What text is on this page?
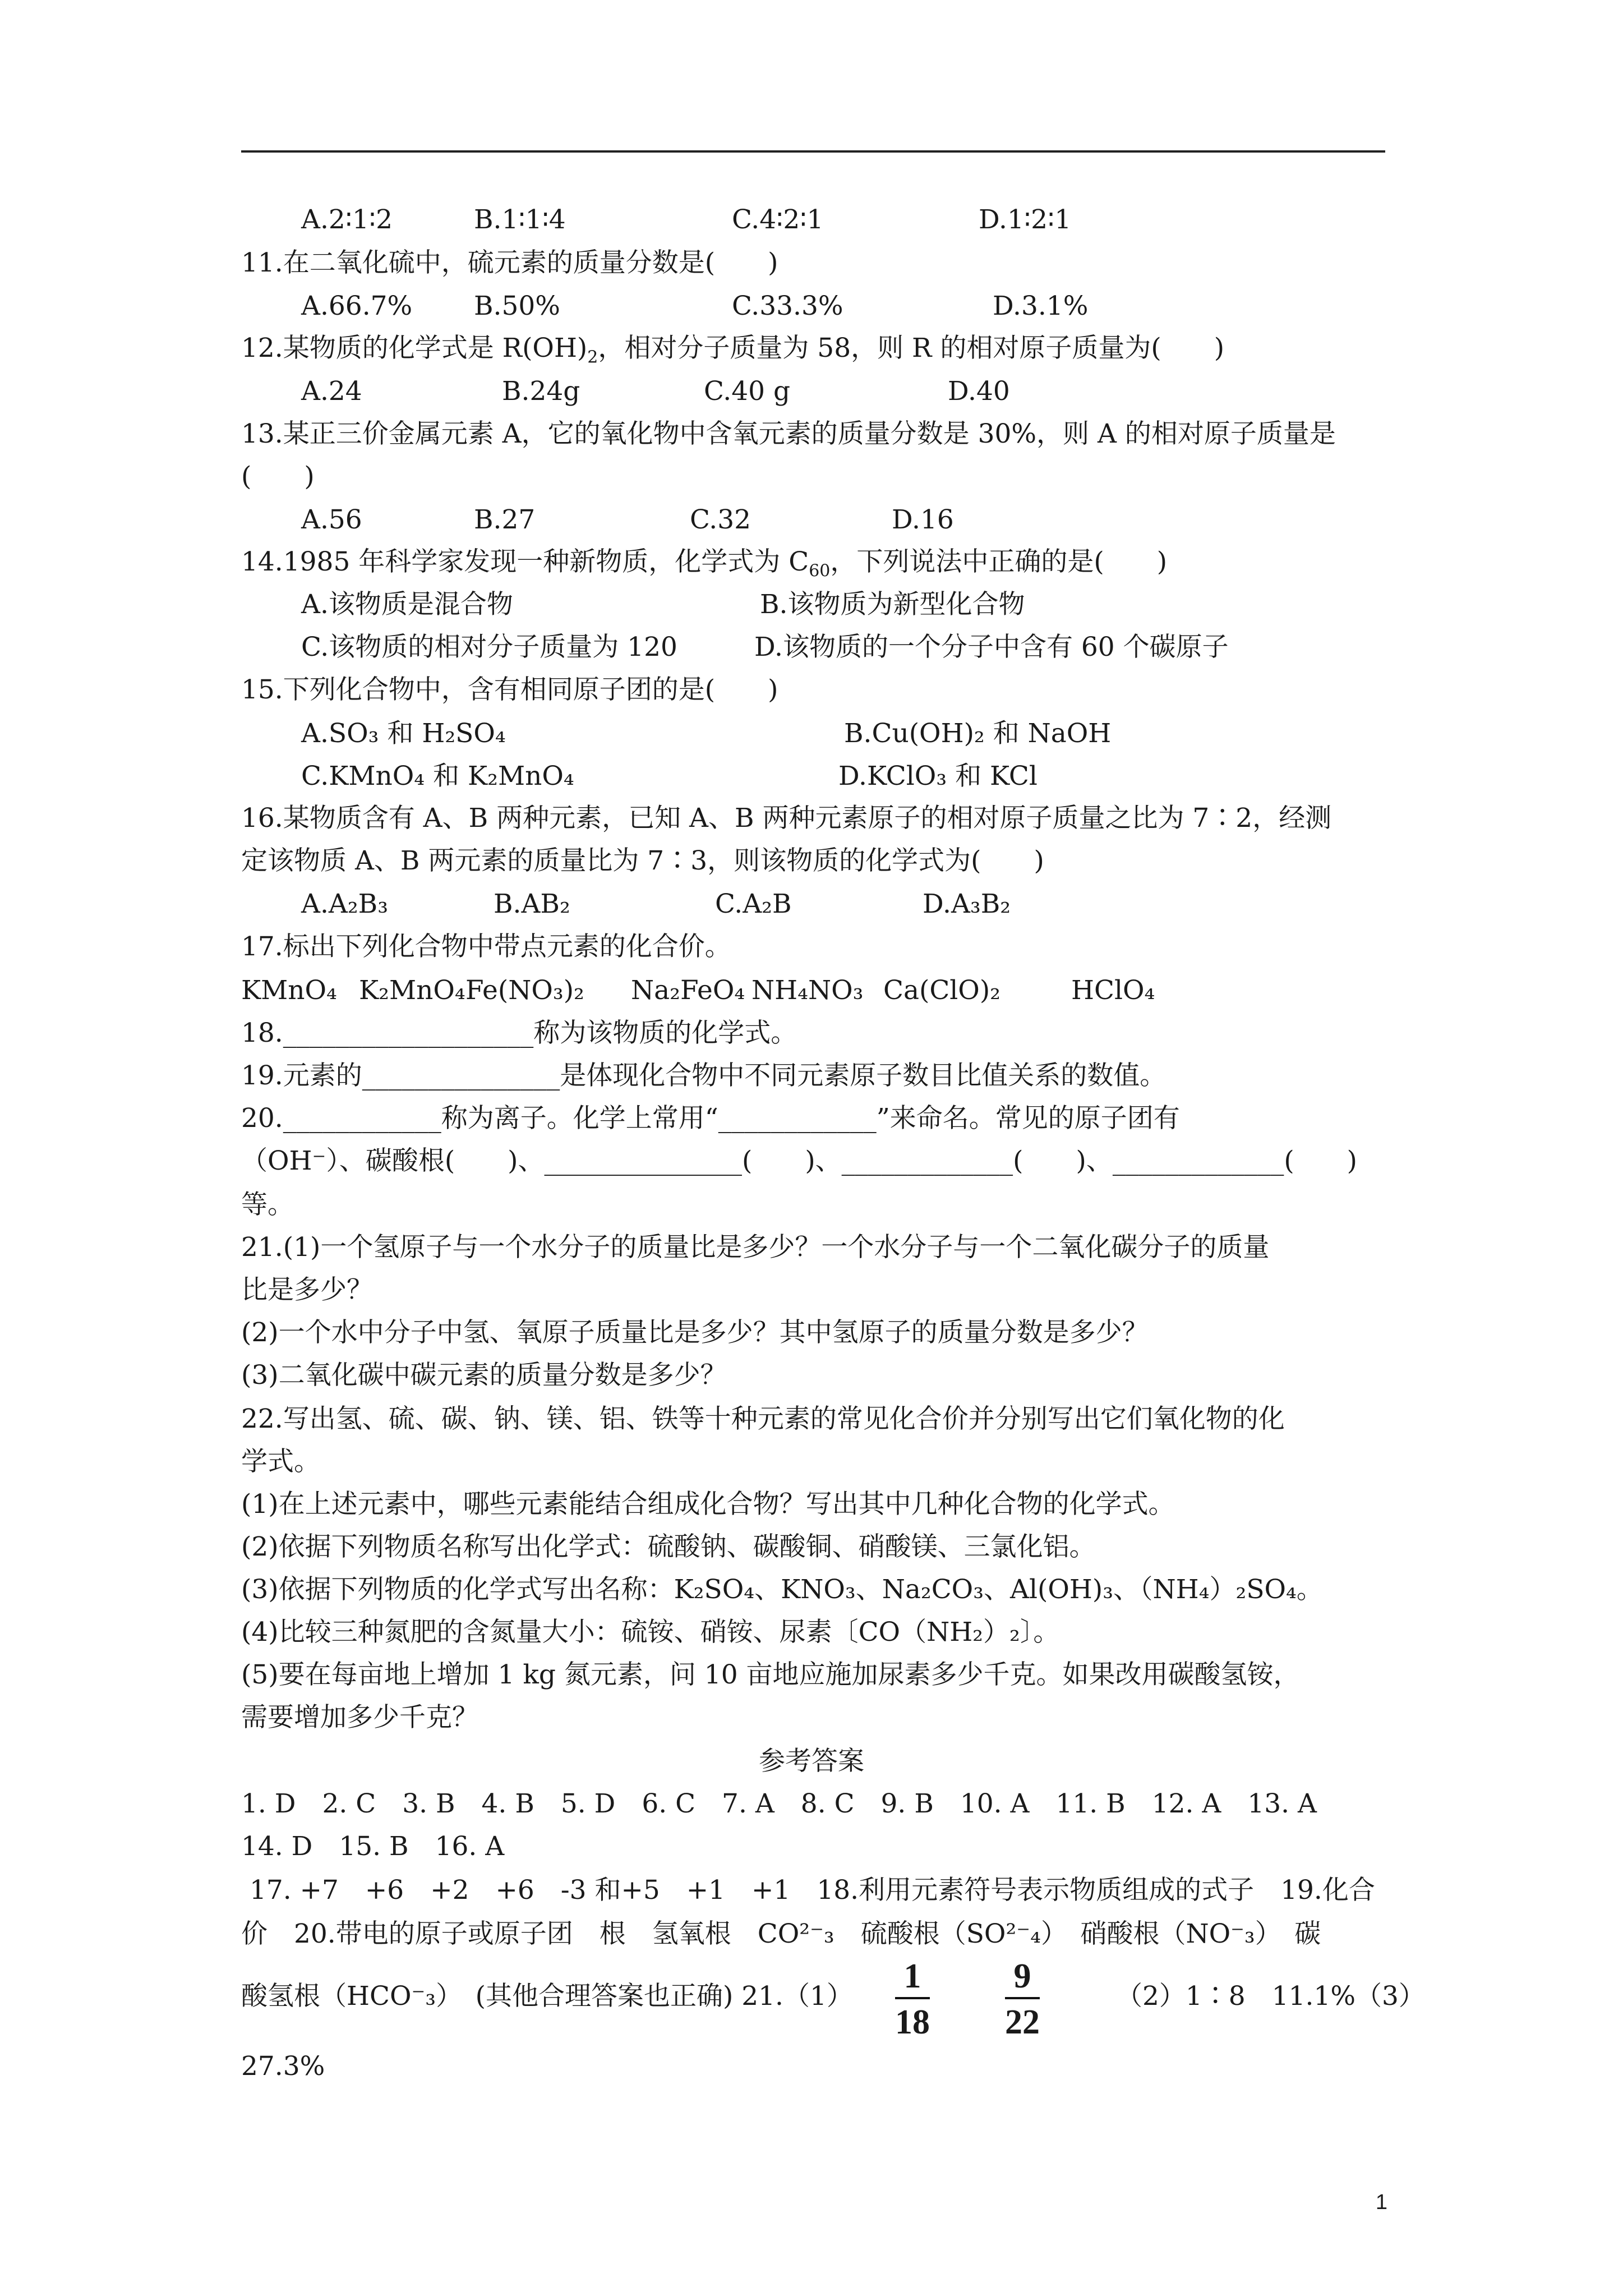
A.2∶1∶2	B.1∶1∶4	C.4∶2∶1	D.1∶2∶1
11.在二氧化硫中，硫元素的质量分数是(　　)
A.66.7% B.50%	C.33.3%	D.3.1%
12.某物质的化学式是 $R(OH)_2$，相对分子质量为 58，则 R 的相对原子质量为(　　)
A.24	B.24g	C.40 g	D.40
13.某正三价金属元素 A，它的氧化物中含氧元素的质量分数是 30%，则 A 的相对原子质量是
(　　)
A.56	B.27	C.32	D.16
14.1985 年科学家发现一种新物质，化学式为 $C_{60}$，下列说法中正确的是(　　)
A.该物质是混合物	B.该物质为新型化合物
C.该物质的相对分子质量为 120	D.该物质的一个分子中含有 60 个碳原子
15.下列化合物中，含有相同原子团的是(　　)
A.SO₃ 和 H₂SO₄	B.Cu(OH)₂ 和 NaOH
C.KMnO₄ 和 K₂MnO₄	D.KClO₃ 和 KCl
16.某物质含有 A、B 两种元素，已知 A、B 两种元素原子的相对原子质量之比为 7∶2，经测
定该物质 A、B 两元素的质量比为 7∶3，则该物质的化学式为(　　)
A.A₂B₃	B.AB₂	C.A₂B	D.A₃B₂
17.标出下列化合物中带点元素的化合价。
KMnO₄ K₂MnO₄ Fe(NO₃)₂ Na₂FeO₄ NH₄NO₃ Ca(ClO)₂	HClO₄
18.___________________称为该物质的化学式。
19.元素的_______________是体现化合物中不同元素原子数目比值关系的数值。
20.____________称为离子。化学上常用“____________”来命名。常见的原子团有
（OH⁻）、碳酸根(　　)、_______________(　　)、_____________(　　)、_____________(　　)
等。
21.(1)一个氢原子与一个水分子的质量比是多少？一个水分子与一个二氧化碳分子的质量
比是多少？
(2)一个水中分子中氢、氧原子质量比是多少？其中氢原子的质量分数是多少？
(3)二氧化碳中碳元素的质量分数是多少？
22.写出氢、硫、碳、钠、镁、铝、铁等十种元素的常见化合价并分别写出它们氧化物的化
学式。
(1)在上述元素中，哪些元素能结合组成化合物？写出其中几种化合物的化学式。
(2)依据下列物质名称写出化学式：硫酸钠、碳酸铜、硝酸镁、三氯化铝。
(3)依据下列物质的化学式写出名称：K₂SO₄、KNO₃、Na₂CO₃、Al(OH)₃、（NH₄）₂SO₄。
(4)比较三种氮肥的含氮量大小：硫铵、硝铵、尿素〔CO（NH₂）₂〕。
(5)要在每亩地上增加 1 kg 氮元素，问 10 亩地应施加尿素多少千克。如果改用碳酸氢铵，
需要增加多少千克？
参考答案
1. D　2. C　3. B　4. B　5. D　6. C　7. A　8. C　9. B　10. A　11. B　12. A　13. A
14. D　15. B　16. A
17. +7　+6　+2　+6　-3 和+5　+1　+1　18.利用元素符号表示物质组成的式子　19.化合
价　20.带电的原子或原子团　根　氢氧根　CO²⁻₃　硫酸根（SO²⁻₄）　硝酸根（NO⁻₃）　碳
酸氢根（HCO⁻₃）　(其他合理答案也正确) 21.（1）
1
18
9
22
（2）1∶8　11.1%（3）
27.3%
1
